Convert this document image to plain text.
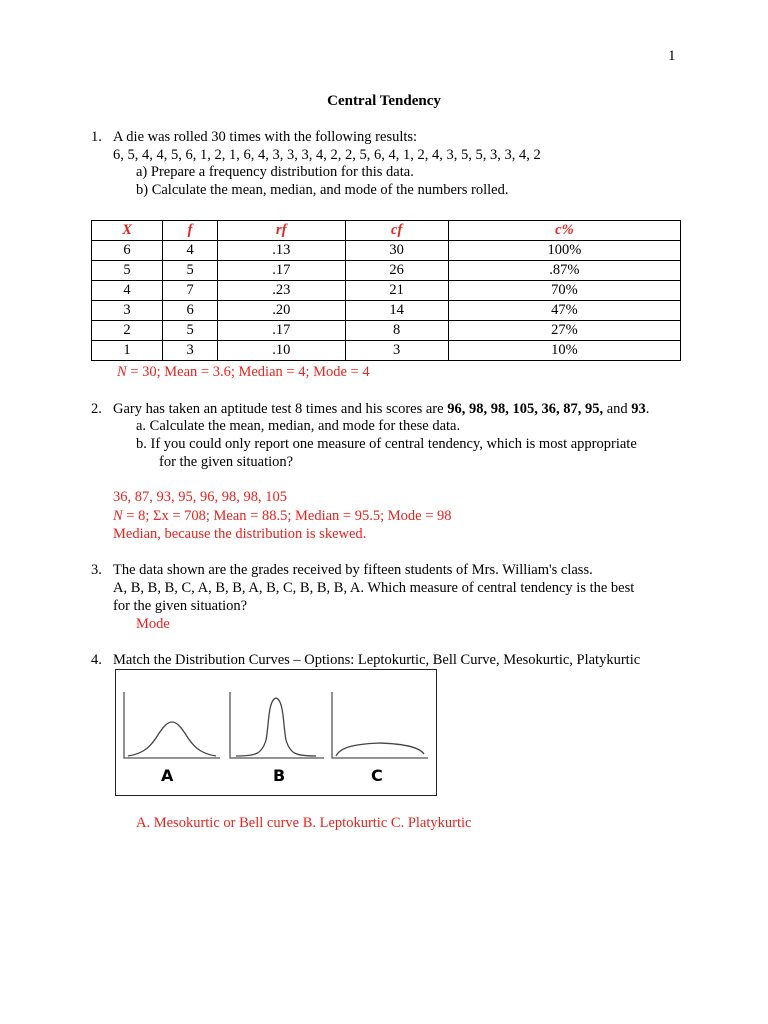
1
Central Tendency
1. A die was rolled 30 times with the following results:
6, 5, 4, 4, 5, 6, 1, 2, 1, 6, 4, 3, 3, 3, 4, 2, 2, 5, 6, 4, 1, 2, 4, 3, 5, 5, 3, 3, 4, 2
a) Prepare a frequency distribution for this data.
b) Calculate the mean, median, and mode of the numbers rolled.
X	f	rf	cf	c%
6	4	.13	30	100%
5	5	.17	26	.87%
4	7	.23	21	70%
3	6	.20	14	47%
2	5	.17	8	27%
1	3	.10	3	10%
N = 30; Mean = 3.6; Median = 4; Mode = 4
2. Gary has taken an aptitude test 8 times and his scores are 96, 98, 98, 105, 36, 87, 95, and 93.
a. Calculate the mean, median, and mode for these data.
b. If you could only report one measure of central tendency, which is most appropriate
for the given situation?
36, 87, 93, 95, 96, 98, 98, 105
N = 8; Σx = 708; Mean = 88.5; Median = 95.5; Mode = 98
Median, because the distribution is skewed.
3. The data shown are the grades received by fifteen students of Mrs. William's class.
A, B, B, B, C, A, B, B, A, B, C, B, B, B, A. Which measure of central tendency is the best
for the given situation?
Mode
4. Match the Distribution Curves – Options: Leptokurtic, Bell Curve, Mesokurtic, Platykurtic
A	B	C
A. Mesokurtic or Bell curve B. Leptokurtic C. Platykurtic
